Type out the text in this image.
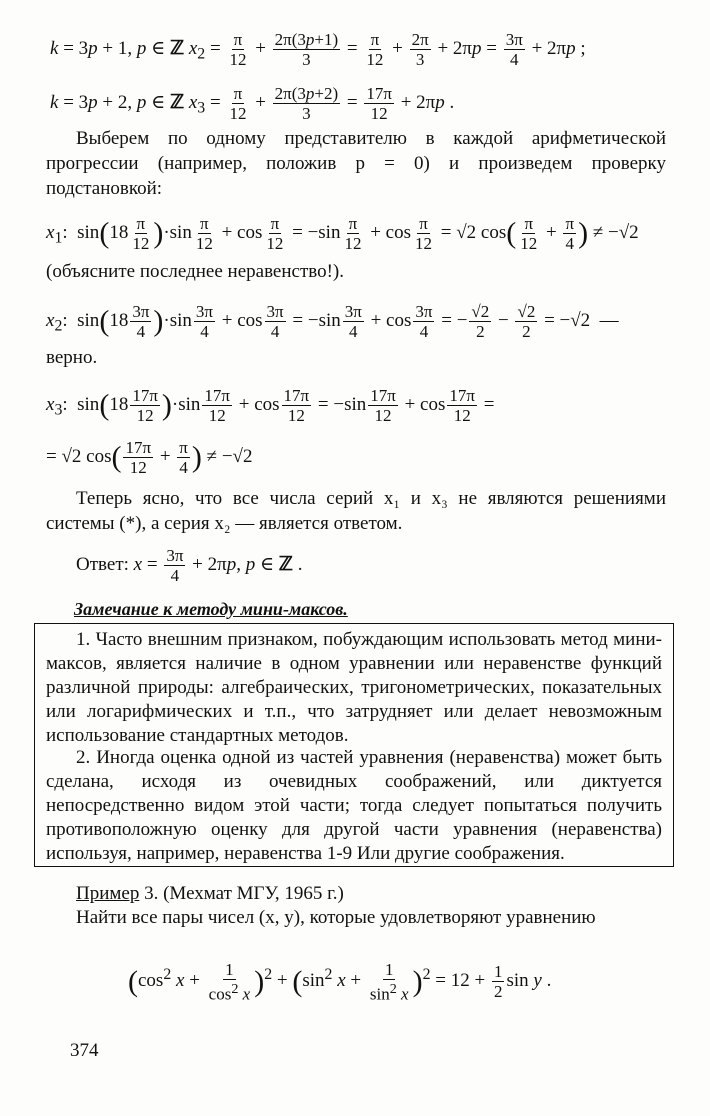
k = 3p + 1, p ∈ ℤ $x_2 = \frac{\pi}{12} + \frac{2\pi(3p+1)}{3} = \frac{\pi}{12} + \frac{2\pi}{3} + 2\pi p = \frac{3\pi}{4} + 2\pi p$ ;
k = 3p + 2, p ∈ ℤ $x_3 = \frac{\pi}{12} + \frac{2\pi(3p+2)}{3} = \frac{17\pi}{12} + 2\pi p$ .
Выберем по одному представителю в каждой арифметической прогрессии (например, положив p = 0) и произведем проверку подстановкой:
$x_1$:  $\sin(18 \frac{\pi}{12} )\cdot\sin \frac{\pi}{12} + \cos \frac{\pi}{12} = -\sin \frac{\pi}{12} + \cos \frac{\pi}{12} = √2$ $\cos( \frac{\pi}{12} + \frac{\pi}{4}$ ) ≠ −√2
(объясните последнее неравенство!).
$x_2$:  $\sin(18 \frac{3\pi}{4} )\cdot\sin \frac{3\pi}{4} + \cos \frac{3\pi}{4} = -\sin \frac{3\pi}{4} + \cos \frac{3\pi}{4}$ = − $\frac{√2}{2} - \frac{√2}{2} = -√2$  —
верно.
$x_3$:  $\sin(18 \frac{17\pi}{12} )\cdot\sin \frac{17\pi}{12} + \cos \frac{17\pi}{12} = -\sin \frac{17\pi}{12} + \cos \frac{17\pi}{12}$ =
= √2 $\cos( \frac{17\pi}{12} + \frac{\pi}{4}$ ) ≠ −√2
Теперь ясно, что все числа серий x₁ и x₃ не являются решениями системы (*), а серия x₂ — является ответом.
Ответ: $x = \frac{3\pi}{4} + 2\pi p$, p ∈ ℤ .
Замечание к методу мини-максов.
1. Часто внешним признаком, побуждающим использовать метод мини-максов, является наличие в одном уравнении или неравенстве функций различной природы: алгебраических, тригонометрических, показательных или логарифмических и т.п., что затрудняет или делает невозможным использование стандартных методов.
2. Иногда оценка одной из частей уравнения (неравенства) может быть сделана, исходя из очевидных соображений, или диктуется непосредственно видом этой части; тогда следует попытаться получить противоположную оценку для другой части уравнения (неравенства) используя, например, неравенства 1-9 Или другие соображения.
Пример 3. (Мехмат МГУ, 1965 г.)
Найти все пары чисел (x, y), которые удовлетворяют уравнению
($\cos^2$ $x + \frac{1}{\cos^2 x} )^2 + (\sin^2$ $x + \frac{1}{\sin^2 x} )^2 = 12 + \frac{1}{2}$ sin y .
374
